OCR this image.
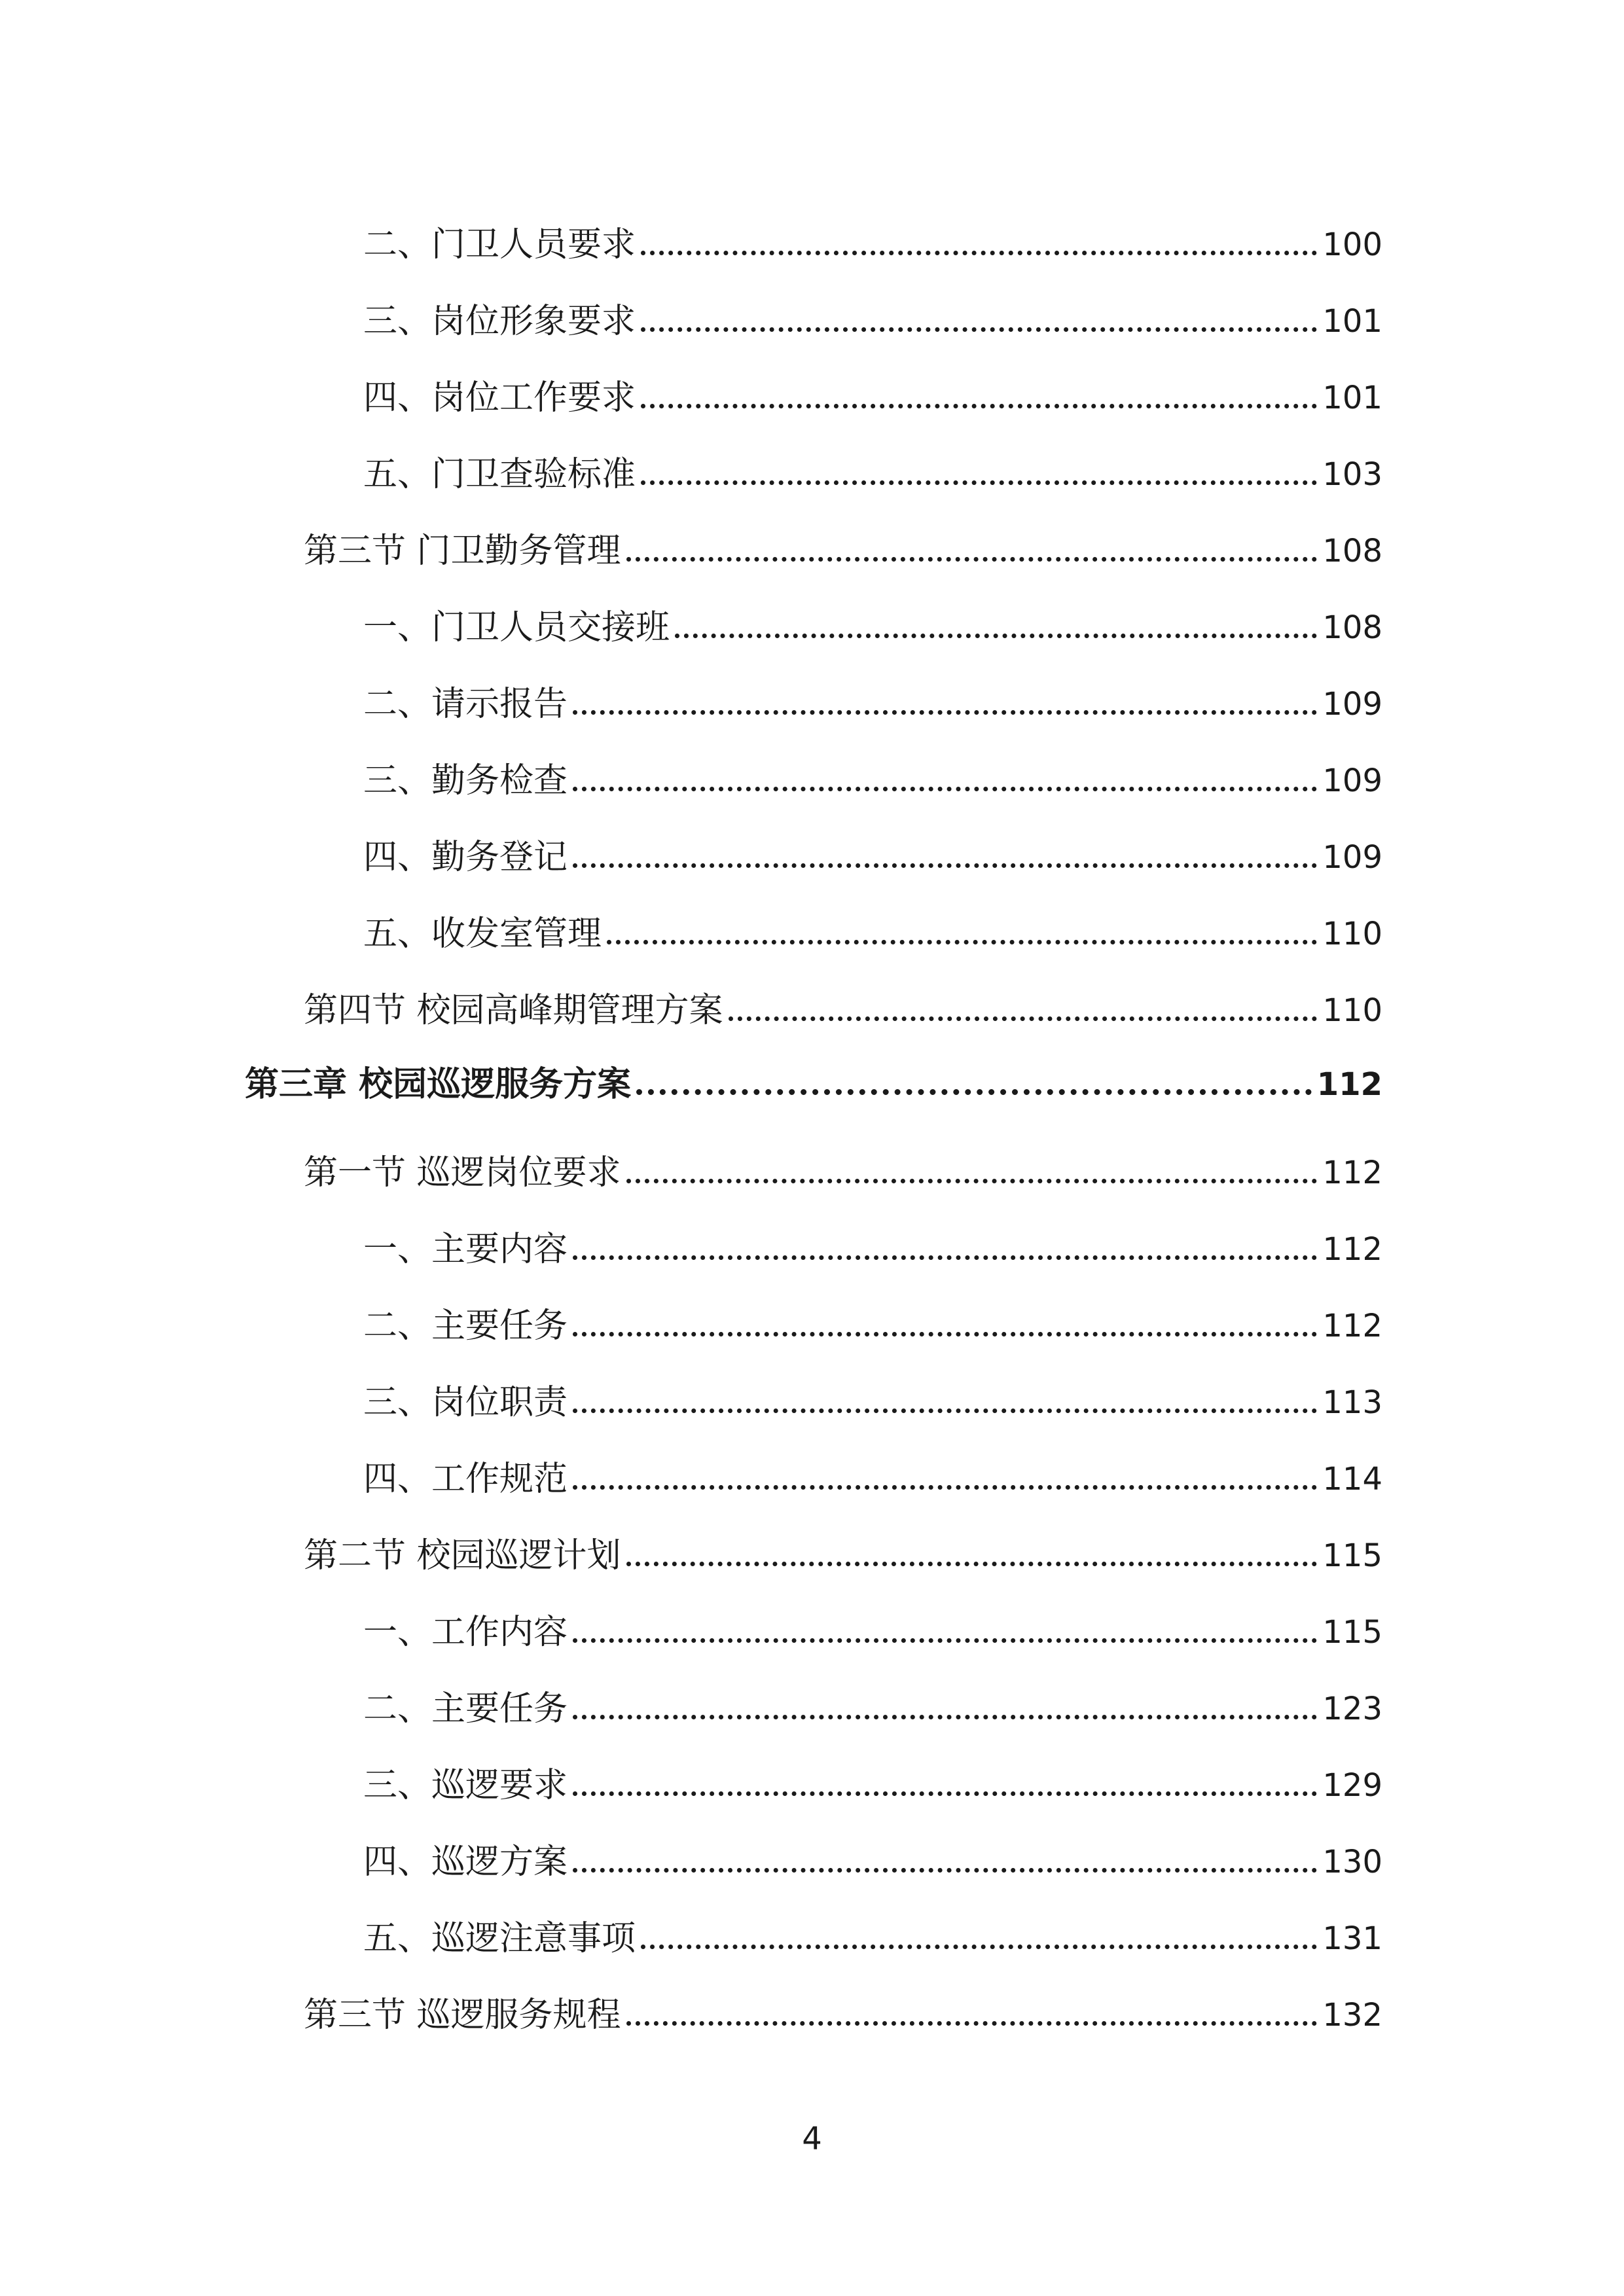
二、门卫人员要求	100
三、岗位形象要求	101
四、岗位工作要求	101
五、门卫查验标准	103
第三节 门卫勤务管理	108
一、门卫人员交接班	108
二、请示报告	109
三、勤务检查	109
四、勤务登记	109
五、收发室管理	110
第四节 校园高峰期管理方案	110
第三章 校园巡逻服务方案	112
第一节 巡逻岗位要求	112
一、主要内容	112
二、主要任务	112
三、岗位职责	113
四、工作规范	114
第二节 校园巡逻计划	115
一、工作内容	115
二、主要任务	123
三、巡逻要求	129
四、巡逻方案	130
五、巡逻注意事项	131
第三节 巡逻服务规程	132
4
